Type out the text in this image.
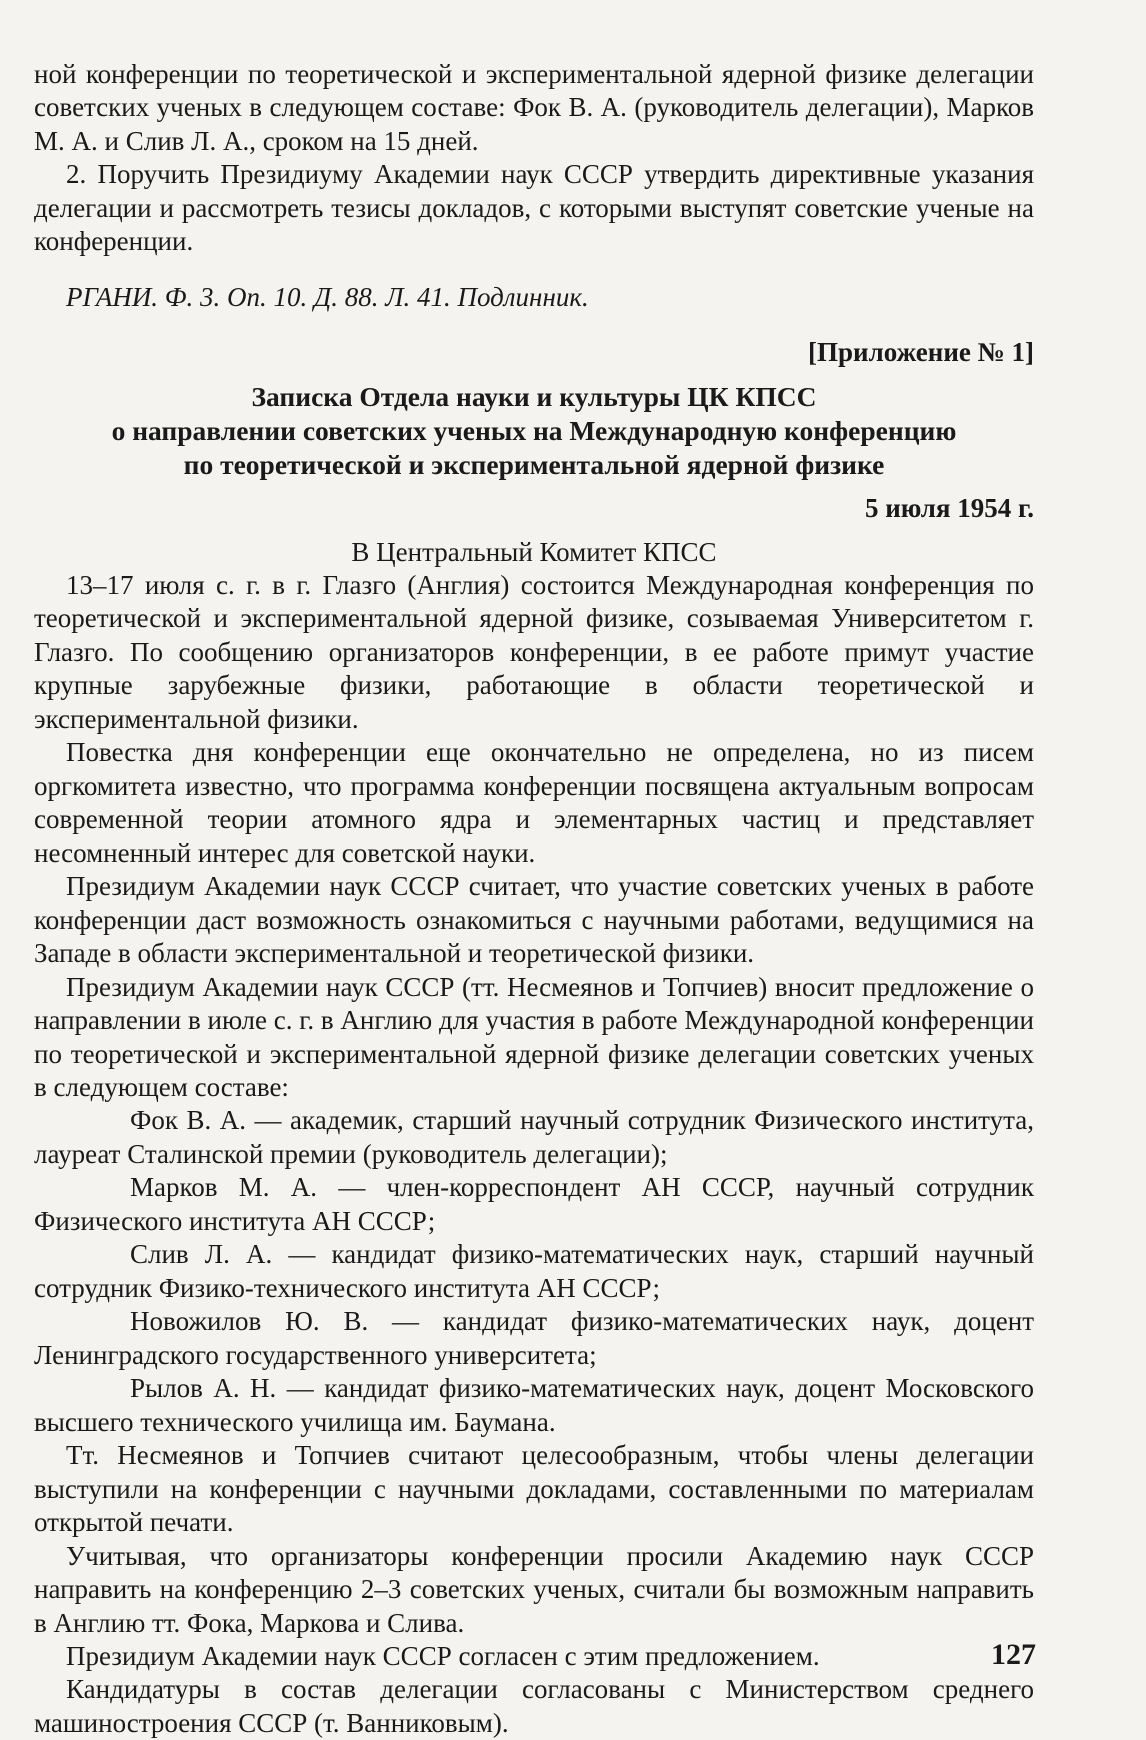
ной конференции по теоретической и экспериментальной ядерной физике делегации советских ученых в следующем составе: Фок В. А. (руководитель делегации), Марков М. А. и Слив Л. А., сроком на 15 дней.

2. Поручить Президиуму Академии наук СССР утвердить директивные указания делегации и рассмотреть тезисы докладов, с которыми выступят советские ученые на конференции.

РГАНИ. Ф. 3. Оп. 10. Д. 88. Л. 41. Подлинник.

[Приложение № 1]

Записка Отдела науки и культуры ЦК КПСС
о направлении советских ученых на Международную конференцию
по теоретической и экспериментальной ядерной физике

5 июля 1954 г.

В Центральный Комитет КПСС

13–17 июля с. г. в г. Глазго (Англия) состоится Международная конференция по теоретической и экспериментальной ядерной физике, созываемая Университетом г. Глазго. По сообщению организаторов конференции, в ее работе примут участие крупные зарубежные физики, работающие в области теоретической и экспериментальной физики.

Повестка дня конференции еще окончательно не определена, но из писем оргкомитета известно, что программа конференции посвящена актуальным вопросам современной теории атомного ядра и элементарных частиц и представляет несомненный интерес для советской науки.

Президиум Академии наук СССР считает, что участие советских ученых в работе конференции даст возможность ознакомиться с научными работами, ведущимися на Западе в области экспериментальной и теоретической физики.

Президиум Академии наук СССР (тт. Несмеянов и Топчиев) вносит предложение о направлении в июле с. г. в Англию для участия в работе Международной конференции по теоретической и экспериментальной ядерной физике делегации советских ученых в следующем составе:

Фок В. А. — академик, старший научный сотрудник Физического института, лауреат Сталинской премии (руководитель делегации);

Марков М. А. — член-корреспондент АН СССР, научный сотрудник Физического института АН СССР;

Слив Л. А. — кандидат физико-математических наук, старший научный сотрудник Физико-технического института АН СССР;

Новожилов Ю. В. — кандидат физико-математических наук, доцент Ленинградского государственного университета;

Рылов А. Н. — кандидат физико-математических наук, доцент Московского высшего технического училища им. Баумана.

Тт. Несмеянов и Топчиев считают целесообразным, чтобы члены делегации выступили на конференции с научными докладами, составленными по материалам открытой печати.

Учитывая, что организаторы конференции просили Академию наук СССР направить на конференцию 2–3 советских ученых, считали бы возможным направить в Англию тт. Фока, Маркова и Слива.

Президиум Академии наук СССР согласен с этим предложением.

Кандидатуры в состав делегации согласованы с Министерством среднего машиностроения СССР (т. Ванниковым).

127
